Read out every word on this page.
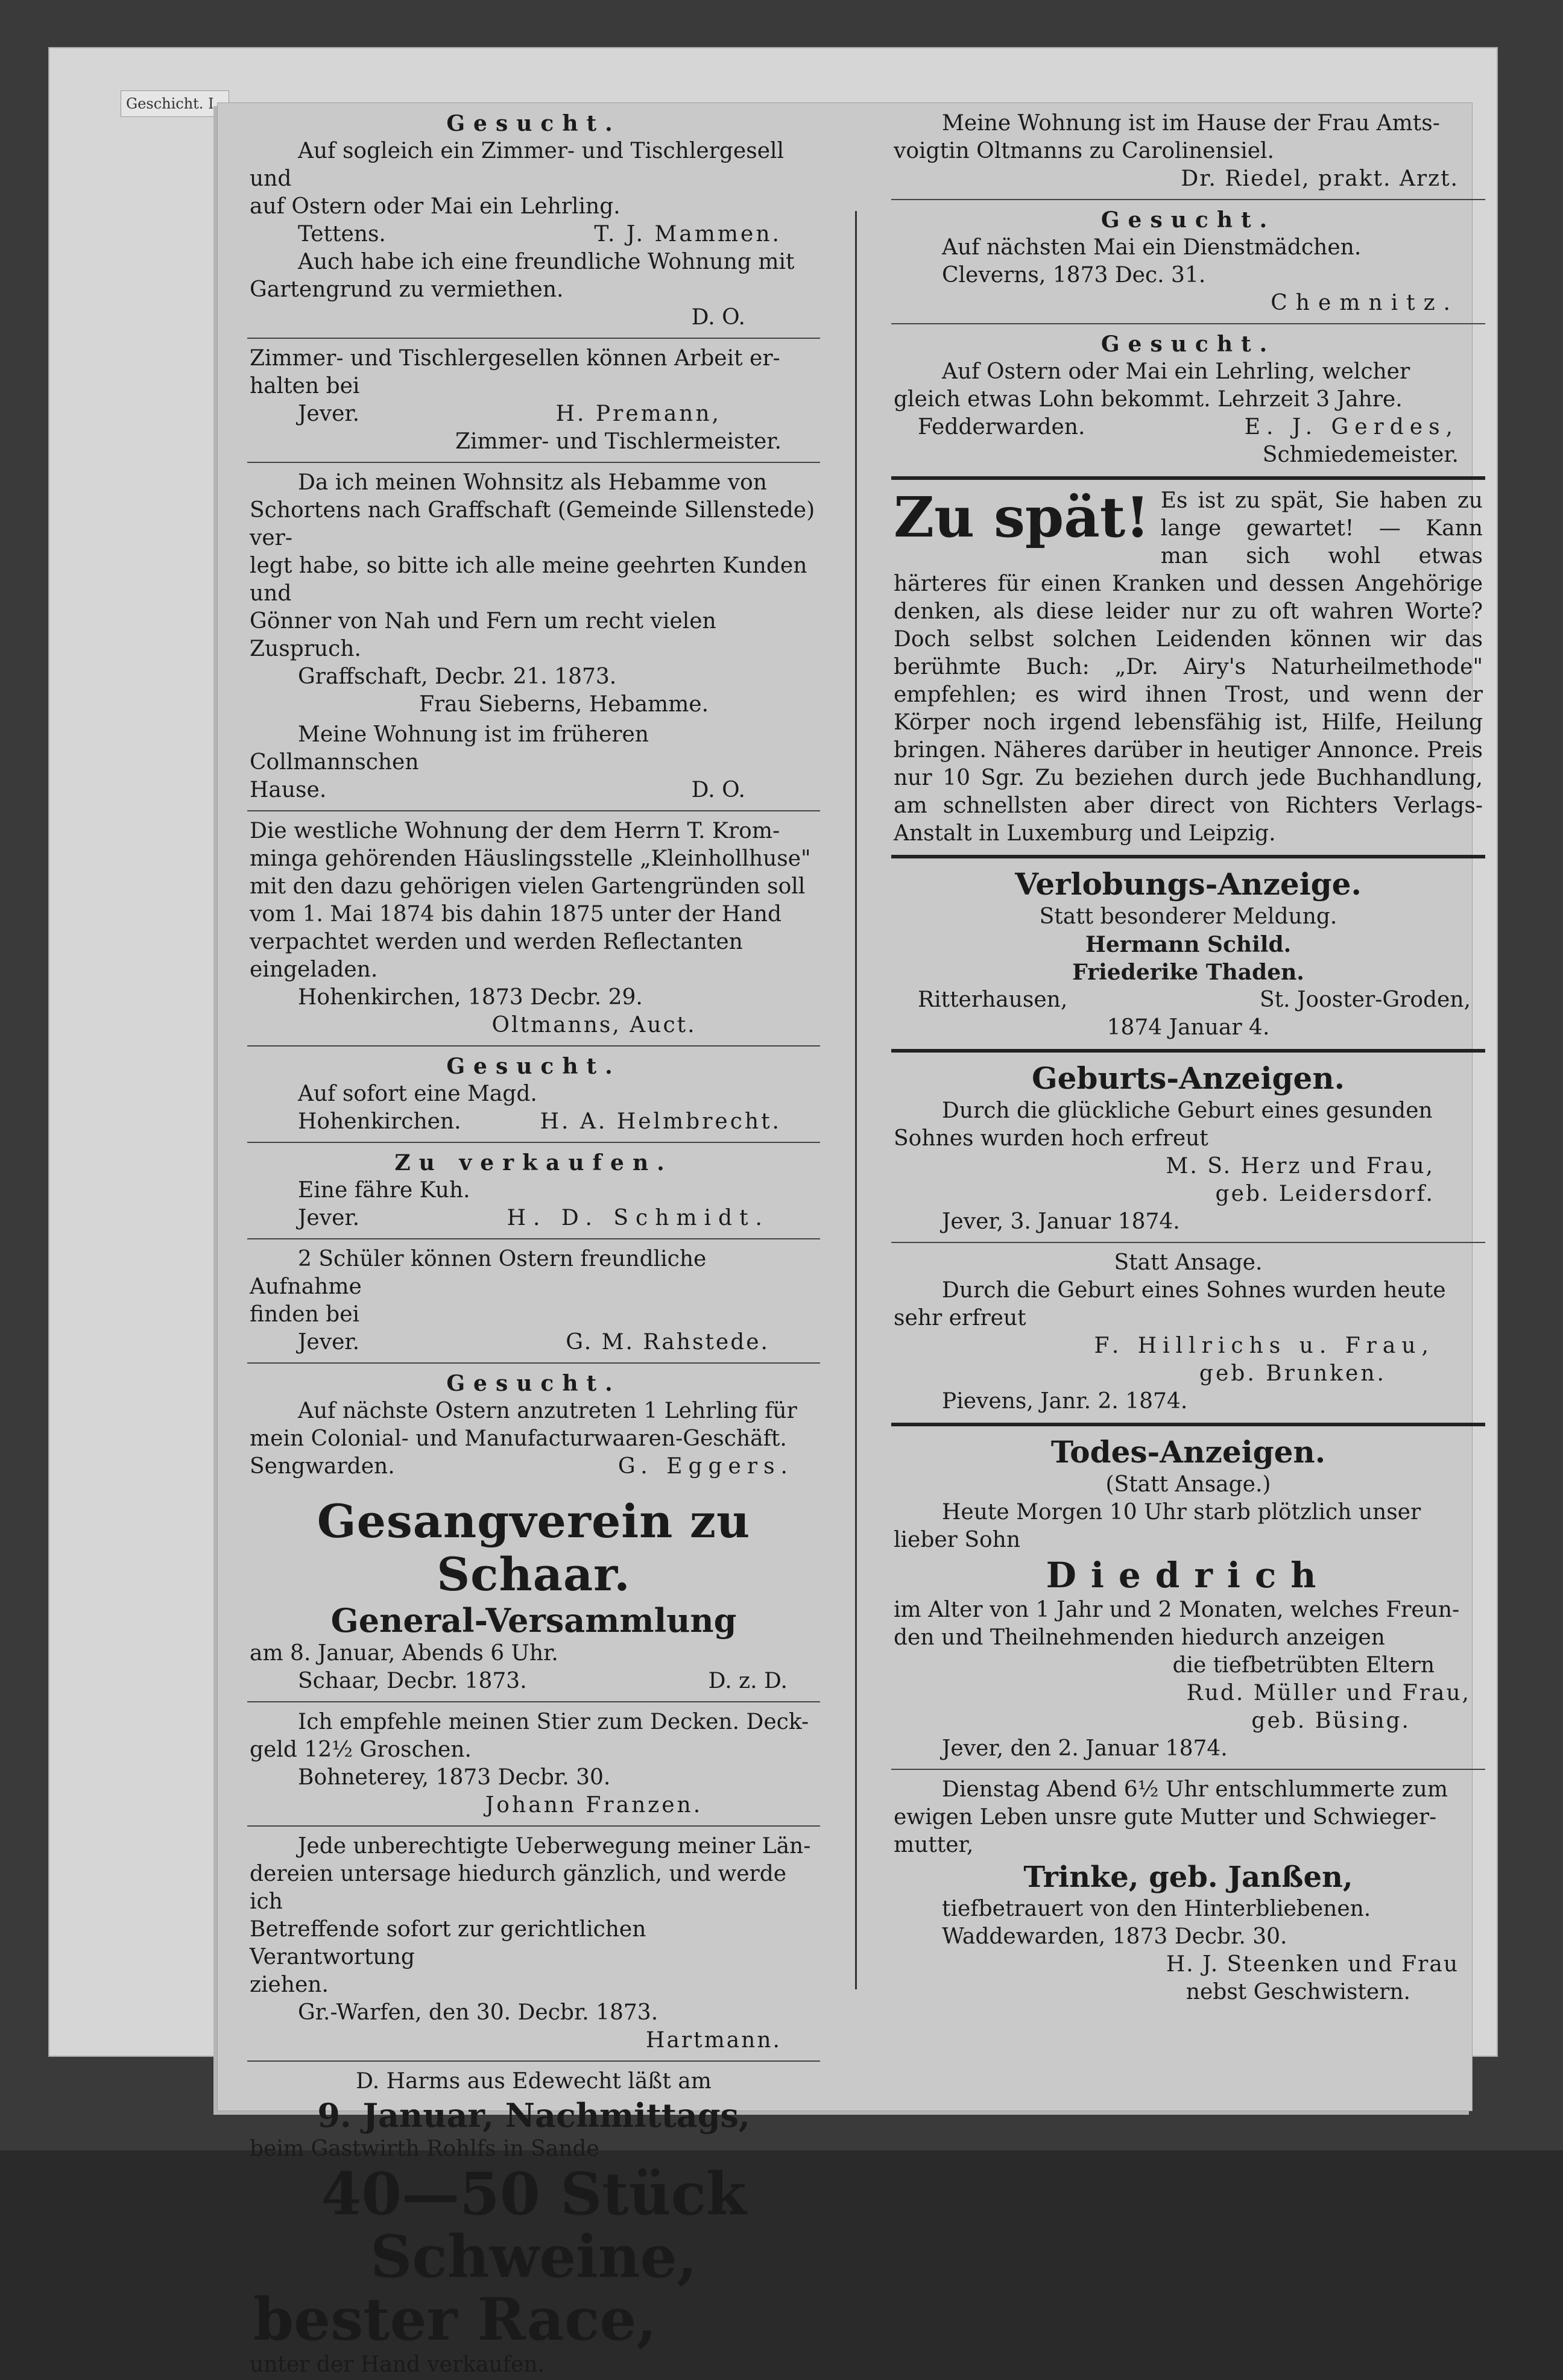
Geschicht. I

Gesucht.

Auf sogleich ein Zimmer- und Tischlergesell und

auf Ostern oder Mai ein Lehrling.

Tettens.	T. J. Mammen.

Auch habe ich eine freundliche Wohnung mit

Gartengrund zu vermiethen.

D. O.

Zimmer- und Tischlergesellen können Arbeit er-

halten bei

Jever.	H. Premann,

Zimmer- und Tischlermeister.

Da ich meinen Wohnsitz als Hebamme von

Schortens nach Graffschaft (Gemeinde Sillenstede) ver-

legt habe, so bitte ich alle meine geehrten Kunden und

Gönner von Nah und Fern um recht vielen Zuspruch.

Graffschaft, Decbr. 21. 1873.

Frau Sieberns, Hebamme.

Meine Wohnung ist im früheren Collmannschen

Hause.	D. O.

Die westliche Wohnung der dem Herrn T. Krom-

minga gehörenden Häuslingsstelle „Kleinhollhuse"

mit den dazu gehörigen vielen Gartengründen soll

vom 1. Mai 1874 bis dahin 1875 unter der Hand

verpachtet werden und werden Reflectanten eingeladen.

Hohenkirchen, 1873 Decbr. 29.

Oltmanns, Auct.

Gesucht.

Auf sofort eine Magd.

Hohenkirchen.	H. A. Helmbrecht.

Zu verkaufen.

Eine fähre Kuh.

Jever.	H. D. Schmidt.

2 Schüler können Ostern freundliche Aufnahme

finden bei

Jever.	G. M. Rahstede.

Gesucht.

Auf nächste Ostern anzutreten 1 Lehrling für

mein Colonial- und Manufacturwaaren-Geschäft.

Sengwarden.	G. Eggers.

Gesangverein zu Schaar.

General-Versammlung

am 8. Januar, Abends 6 Uhr.

Schaar, Decbr. 1873.	D. z. D.

Ich empfehle meinen Stier zum Decken. Deck-

geld 12½ Groschen.

Bohneterey, 1873 Decbr. 30.

Johann Franzen.

Jede unberechtigte Ueberwegung meiner Län-

dereien untersage hiedurch gänzlich, und werde ich

Betreffende sofort zur gerichtlichen Verantwortung

ziehen.

Gr.-Warfen, den 30. Decbr. 1873.

Hartmann.

D. Harms aus Edewecht läßt am

9. Januar, Nachmittags,

beim Gastwirth Rohlfs in Sande

40—50 Stück Schweine,

bester Race,

unter der Hand verkaufen.

Meine Wohnung ist im Hause der Frau Amts-

voigtin Oltmanns zu Carolinensiel.

Dr. Riedel, prakt. Arzt.

Gesucht.

Auf nächsten Mai ein Dienstmädchen.

Cleverns, 1873 Dec. 31.

Chemnitz.

Gesucht.

Auf Ostern oder Mai ein Lehrling, welcher

gleich etwas Lohn bekommt. Lehrzeit 3 Jahre.

Fedderwarden.	E. J. Gerdes,

Schmiedemeister.

Zu spät! Es ist zu spät, Sie haben zu lange gewartet! — Kann man sich wohl etwas härteres für einen Kranken und dessen Angehörige denken, als diese leider nur zu oft wahren Worte? Doch selbst solchen Leidenden können wir das berühmte Buch: „Dr. Airy's Naturheilmethode" empfehlen; es wird ihnen Trost, und wenn der Körper noch irgend lebensfähig ist, Hilfe, Heilung bringen. Näheres darüber in heutiger Annonce. Preis nur 10 Sgr. Zu beziehen durch jede Buchhandlung, am schnellsten aber direct von Richters Verlags-Anstalt in Luxemburg und Leipzig.

Verlobungs-Anzeige.

Statt besonderer Meldung.

Hermann Schild.

Friederike Thaden.

Ritterhausen,	St. Jooster-Groden,

1874 Januar 4.

Geburts-Anzeigen.

Durch die glückliche Geburt eines gesunden

Sohnes wurden hoch erfreut

M. S. Herz und Frau,

geb. Leidersdorf.

Jever, 3. Januar 1874.

Statt Ansage.

Durch die Geburt eines Sohnes wurden heute

sehr erfreut

F. Hillrichs u. Frau,

geb. Brunken.

Pievens, Janr. 2. 1874.

Todes-Anzeigen.

(Statt Ansage.)

Heute Morgen 10 Uhr starb plötzlich unser

lieber Sohn

Diedrich

im Alter von 1 Jahr und 2 Monaten, welches Freun-

den und Theilnehmenden hiedurch anzeigen

die tiefbetrübten Eltern

Rud. Müller und Frau,

geb. Büsing.

Jever, den 2. Januar 1874.

Dienstag Abend 6½ Uhr entschlummerte zum

ewigen Leben unsre gute Mutter und Schwieger-

mutter,

Trinke, geb. Janßen,

tiefbetrauert von den Hinterbliebenen.

Waddewarden, 1873 Decbr. 30.

H. J. Steenken und Frau

nebst Geschwistern.
